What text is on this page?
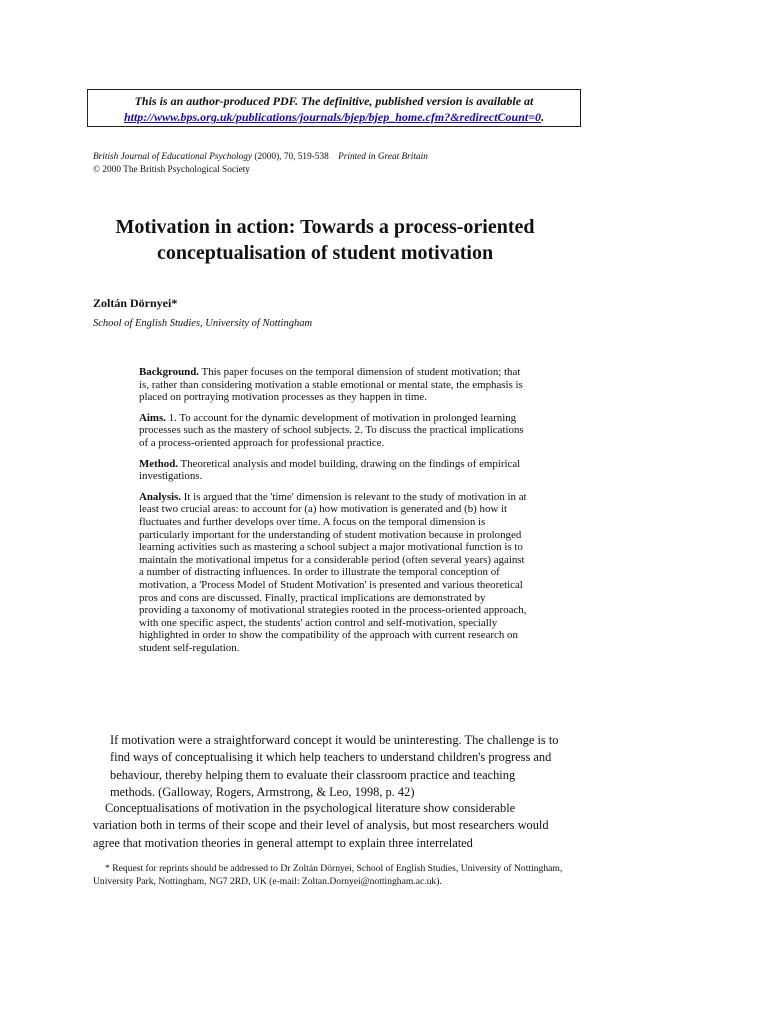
This is an author-produced PDF. The definitive, published version is available at
http://www.bps.org.uk/publications/journals/bjep/bjep_home.cfm?&redirectCount=0.
British Journal of Educational Psychology (2000), 70, 519-538 Printed in Great Britain
© 2000 The British Psychological Society
Motivation in action: Towards a process-oriented
conceptualisation of student motivation
Zoltán Dörnyei*
School of English Studies, University of Nottingham

Background. This paper focuses on the temporal dimension of student motivation; that is, rather than considering motivation a stable emotional or mental state, the emphasis is placed on portraying motivation processes as they happen in time.

Aims. 1. To account for the dynamic development of motivation in prolonged learning processes such as the mastery of school subjects. 2. To discuss the practical implications of a process-oriented approach for professional practice.

Method. Theoretical analysis and model building, drawing on the findings of empirical investigations.

Analysis. It is argued that the 'time' dimension is relevant to the study of motivation in at least two crucial areas: to account for (a) how motivation is generated and (b) how it fluctuates and further develops over time. A focus on the temporal dimension is particularly important for the understanding of student motivation because in prolonged learning activities such as mastering a school subject a major motivational function is to maintain the motivational impetus for a considerable period (often several years) against a number of distracting influences. In order to illustrate the temporal conception of motivation, a 'Process Model of Student Motivation' is presented and various theoretical pros and cons are discussed. Finally, practical implications are demonstrated by providing a taxonomy of motivational strategies rooted in the process-oriented approach, with one specific aspect, the students' action control and self-motivation, specially highlighted in order to show the compatibility of the approach with current research on student self-regulation.

If motivation were a straightforward concept it would be uninteresting. The challenge is to find ways of conceptualising it which help teachers to understand children's progress and behaviour, thereby helping them to evaluate their classroom practice and teaching methods. (Galloway, Rogers, Armstrong, & Leo, 1998, p. 42)

Conceptualisations of motivation in the psychological literature show considerable variation both in terms of their scope and their level of analysis, but most researchers would agree that motivation theories in general attempt to explain three interrelated

* Request for reprints should be addressed to Dr Zoltán Dörnyei, School of English Studies, University of Nottingham, University Park, Nottingham, NG7 2RD, UK (e-mail: Zoltan.Dornyei@nottingham.ac.uk).
